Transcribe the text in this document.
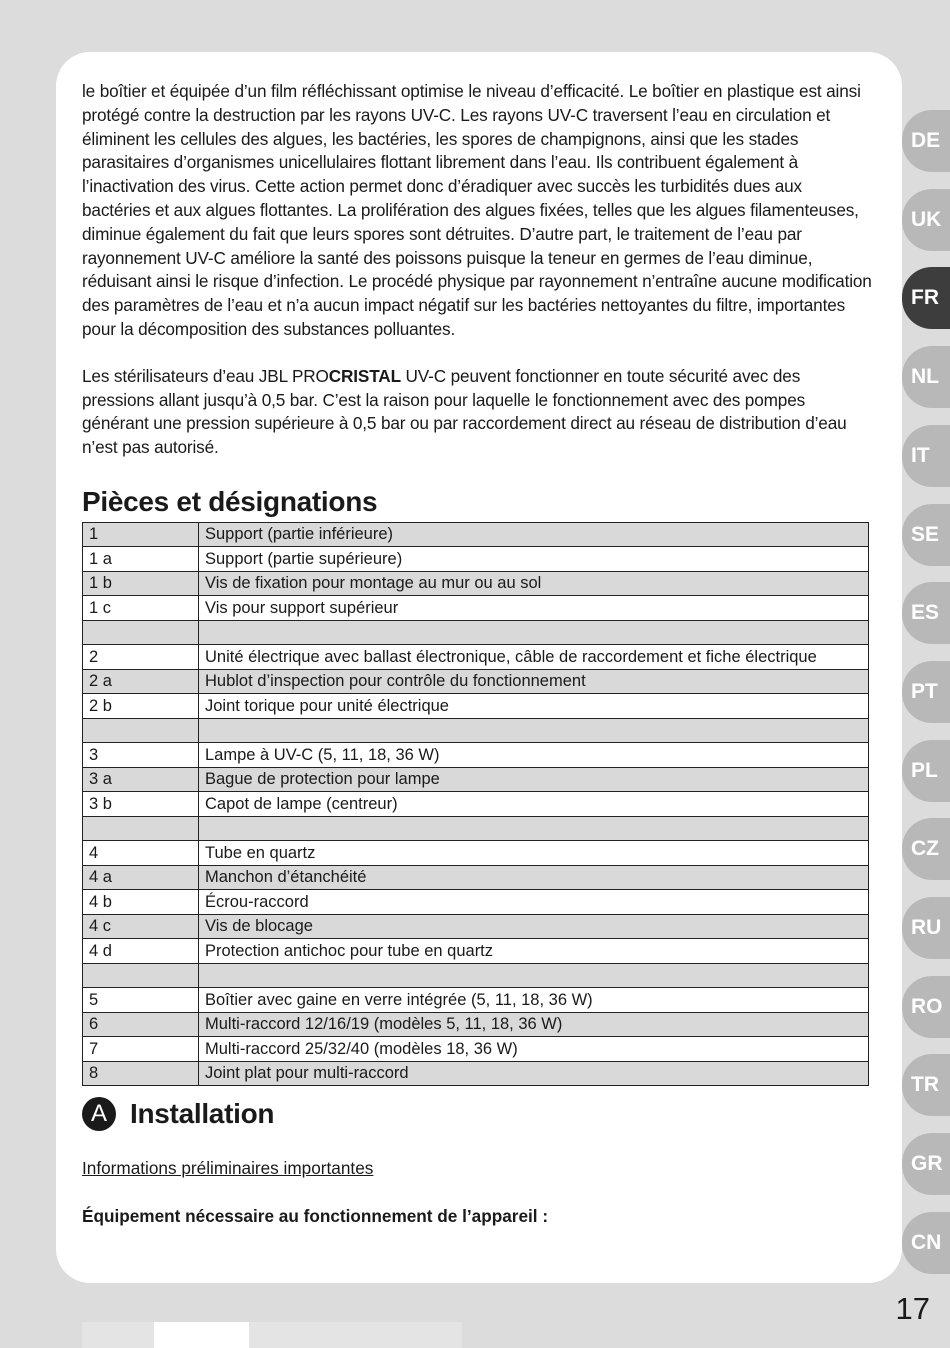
le boîtier et équipée d’un film réfléchissant optimise le niveau d’efficacité. Le boîtier en plastique est ainsi protégé contre la destruction par les rayons UV-C. Les rayons UV-C traversent l’eau en circulation et éliminent les cellules des algues, les bactéries, les spores de champignons, ainsi que les stades parasitaires d’organismes unicellulaires flottant librement dans l’eau. Ils contribuent également à l’inactivation des virus. Cette action permet donc d’éradiquer avec succès les turbidités dues aux bactéries et aux algues flottantes. La prolifération des algues fixées, telles que les algues filamenteuses, diminue également du fait que leurs spores sont détruites. D’autre part, le traitement de l’eau par rayonnement UV-C améliore la santé des poissons puisque la teneur en germes de l’eau diminue, réduisant ainsi le risque d’infection. Le procédé physique par rayonnement n’entraîne aucune modification des paramètres de l’eau et n’a aucun impact négatif sur les bactéries nettoyantes du filtre, importantes pour la décomposition des substances polluantes.

Les stérilisateurs d’eau JBL PROCRISTAL UV-C peuvent fonctionner en toute sécurité avec des pressions allant jusqu’à 0,5 bar. C’est la raison pour laquelle le fonctionnement avec des pompes générant une pression supérieure à 0,5 bar ou par raccordement direct au réseau de distribution d’eau n’est pas autorisé.

Pièces et désignations
1	Support (partie inférieure)
1 a	Support (partie supérieure)
1 b	Vis de fixation pour montage au mur ou au sol
1 c	Vis pour support supérieur

2	Unité électrique avec ballast électronique, câble de raccordement et fiche électrique
2 a	Hublot d’inspection pour contrôle du fonctionnement
2 b	Joint torique pour unité électrique

3	Lampe à UV-C (5, 11, 18, 36 W)
3 a	Bague de protection pour lampe
3 b	Capot de lampe (centreur)

4	Tube en quartz
4 a	Manchon d’étanchéité
4 b	Écrou-raccord
4 c	Vis de blocage
4 d	Protection antichoc pour tube en quartz

5	Boîtier avec gaine en verre intégrée (5, 11, 18, 36 W)
6	Multi-raccord 12/16/19 (modèles 5, 11, 18, 36 W)
7	Multi-raccord 25/32/40 (modèles 18, 36 W)
8	Joint plat pour multi-raccord
A Installation
Informations préliminaires importantes
Équipement nécessaire au fonctionnement de l’appareil :
DE
UK
FR
NL
IT
SE
ES
PT
PL
CZ
RU
RO
TR
GR
CN
17
